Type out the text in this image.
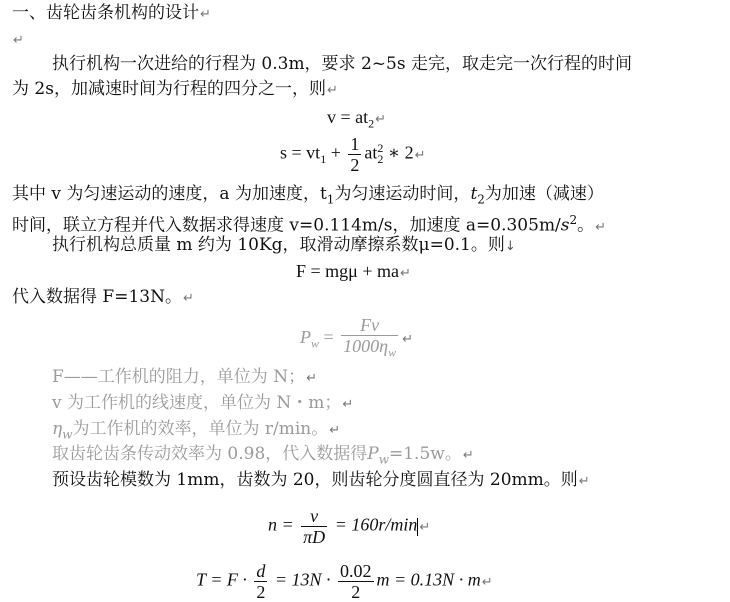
一、齿轮齿条机构的设计↵
↵
执行机构一次进给的行程为 0.3m，要求 2~5s 走完，取走完一次行程的时间
为 2s，加减速时间为行程的四分之一，则↵
$v = at_2↵$
$s = vt_1 + \frac{1}{2} at_2^2$ ∗ 2↵
其中 v 为匀速运动的速度，a 为加速度，$t_1$为匀速运动时间，$t_2$为加速（减速）
时间，联立方程并代入数据求得速度 v=0.114m/s，加速度 $a=0.305m/s^2$。↵
执行机构总质量 m 约为 10Kg，取滑动摩擦系数μ=0.1。则↓
F = mgμ + ma↵
代入数据得 F=13N。↵
$P_w = \frac{Fv}{1000\eta_w}$ ↵
F——工作机的阻力，单位为 N；↵
v 为工作机的线速度，单位为 N・m；↵
$\eta_w$为工作机的效率，单位为 r/min。↵
取齿轮齿条传动效率为 0.98，代入数据得$P_w=1.5w$。↵
预设齿轮模数为 1mm，齿数为 20，则齿轮分度圆直径为 20mm。则↵
$n = \frac{v}{\pi D} = 160r/\min$ ↵
$T = F \cdot \frac{d}{2} = 13N \cdot \frac{0.02}{2}$ m = 0.13N · m↵
